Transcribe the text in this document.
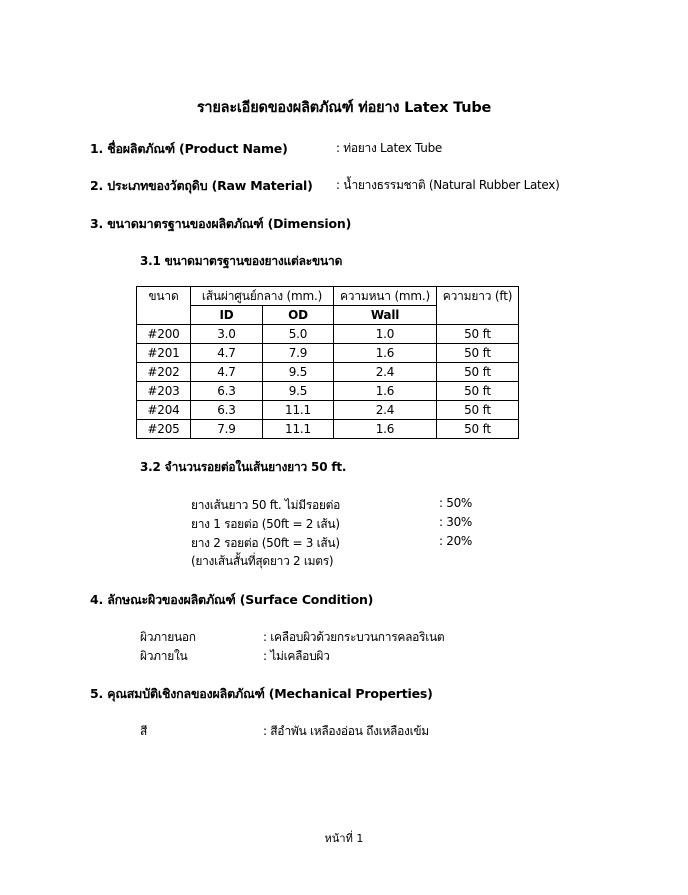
รายละเอียดของผลิตภัณฑ์ ท่อยาง Latex Tube
1. ชื่อผลิตภัณฑ์ (Product Name)	: ท่อยาง Latex Tube
2. ประเภทของวัตถุดิบ (Raw Material) : น้ำยางธรรมชาติ (Natural Rubber Latex)
3. ขนาดมาตรฐานของผลิตภัณฑ์ (Dimension)
3.1 ขนาดมาตรฐานของยางแต่ละขนาด
ขนาด	เส้นผ่าศูนย์กลาง (mm.)		ความหนา (mm.)	ความยาว (ft)
	ID	OD	Wall	
#200	3.0	5.0	1.0	50 ft
#201	4.7	7.9	1.6	50 ft
#202	4.7	9.5	2.4	50 ft
#203	6.3	9.5	1.6	50 ft
#204	6.3	11.1	2.4	50 ft
#205	7.9	11.1	1.6	50 ft
3.2 จำนวนรอยต่อในเส้นยางยาว 50 ft.
ยางเส้นยาว 50 ft. ไม่มีรอยต่อ	: 50%
ยาง 1 รอยต่อ (50ft = 2 เส้น)	: 30%
ยาง 2 รอยต่อ (50ft = 3 เส้น)	: 20%
(ยางเส้นสั้นที่สุดยาว 2 เมตร)
4. ลักษณะผิวของผลิตภัณฑ์ (Surface Condition)
ผิวภายนอก	: เคลือบผิวด้วยกระบวนการคลอริเนต
ผิวภายใน	: ไม่เคลือบผิว
5. คุณสมบัติเชิงกลของผลิตภัณฑ์ (Mechanical Properties)
สี	: สีอำพัน เหลืองอ่อน ถึงเหลืองเข้ม
หน้าที่ 1
